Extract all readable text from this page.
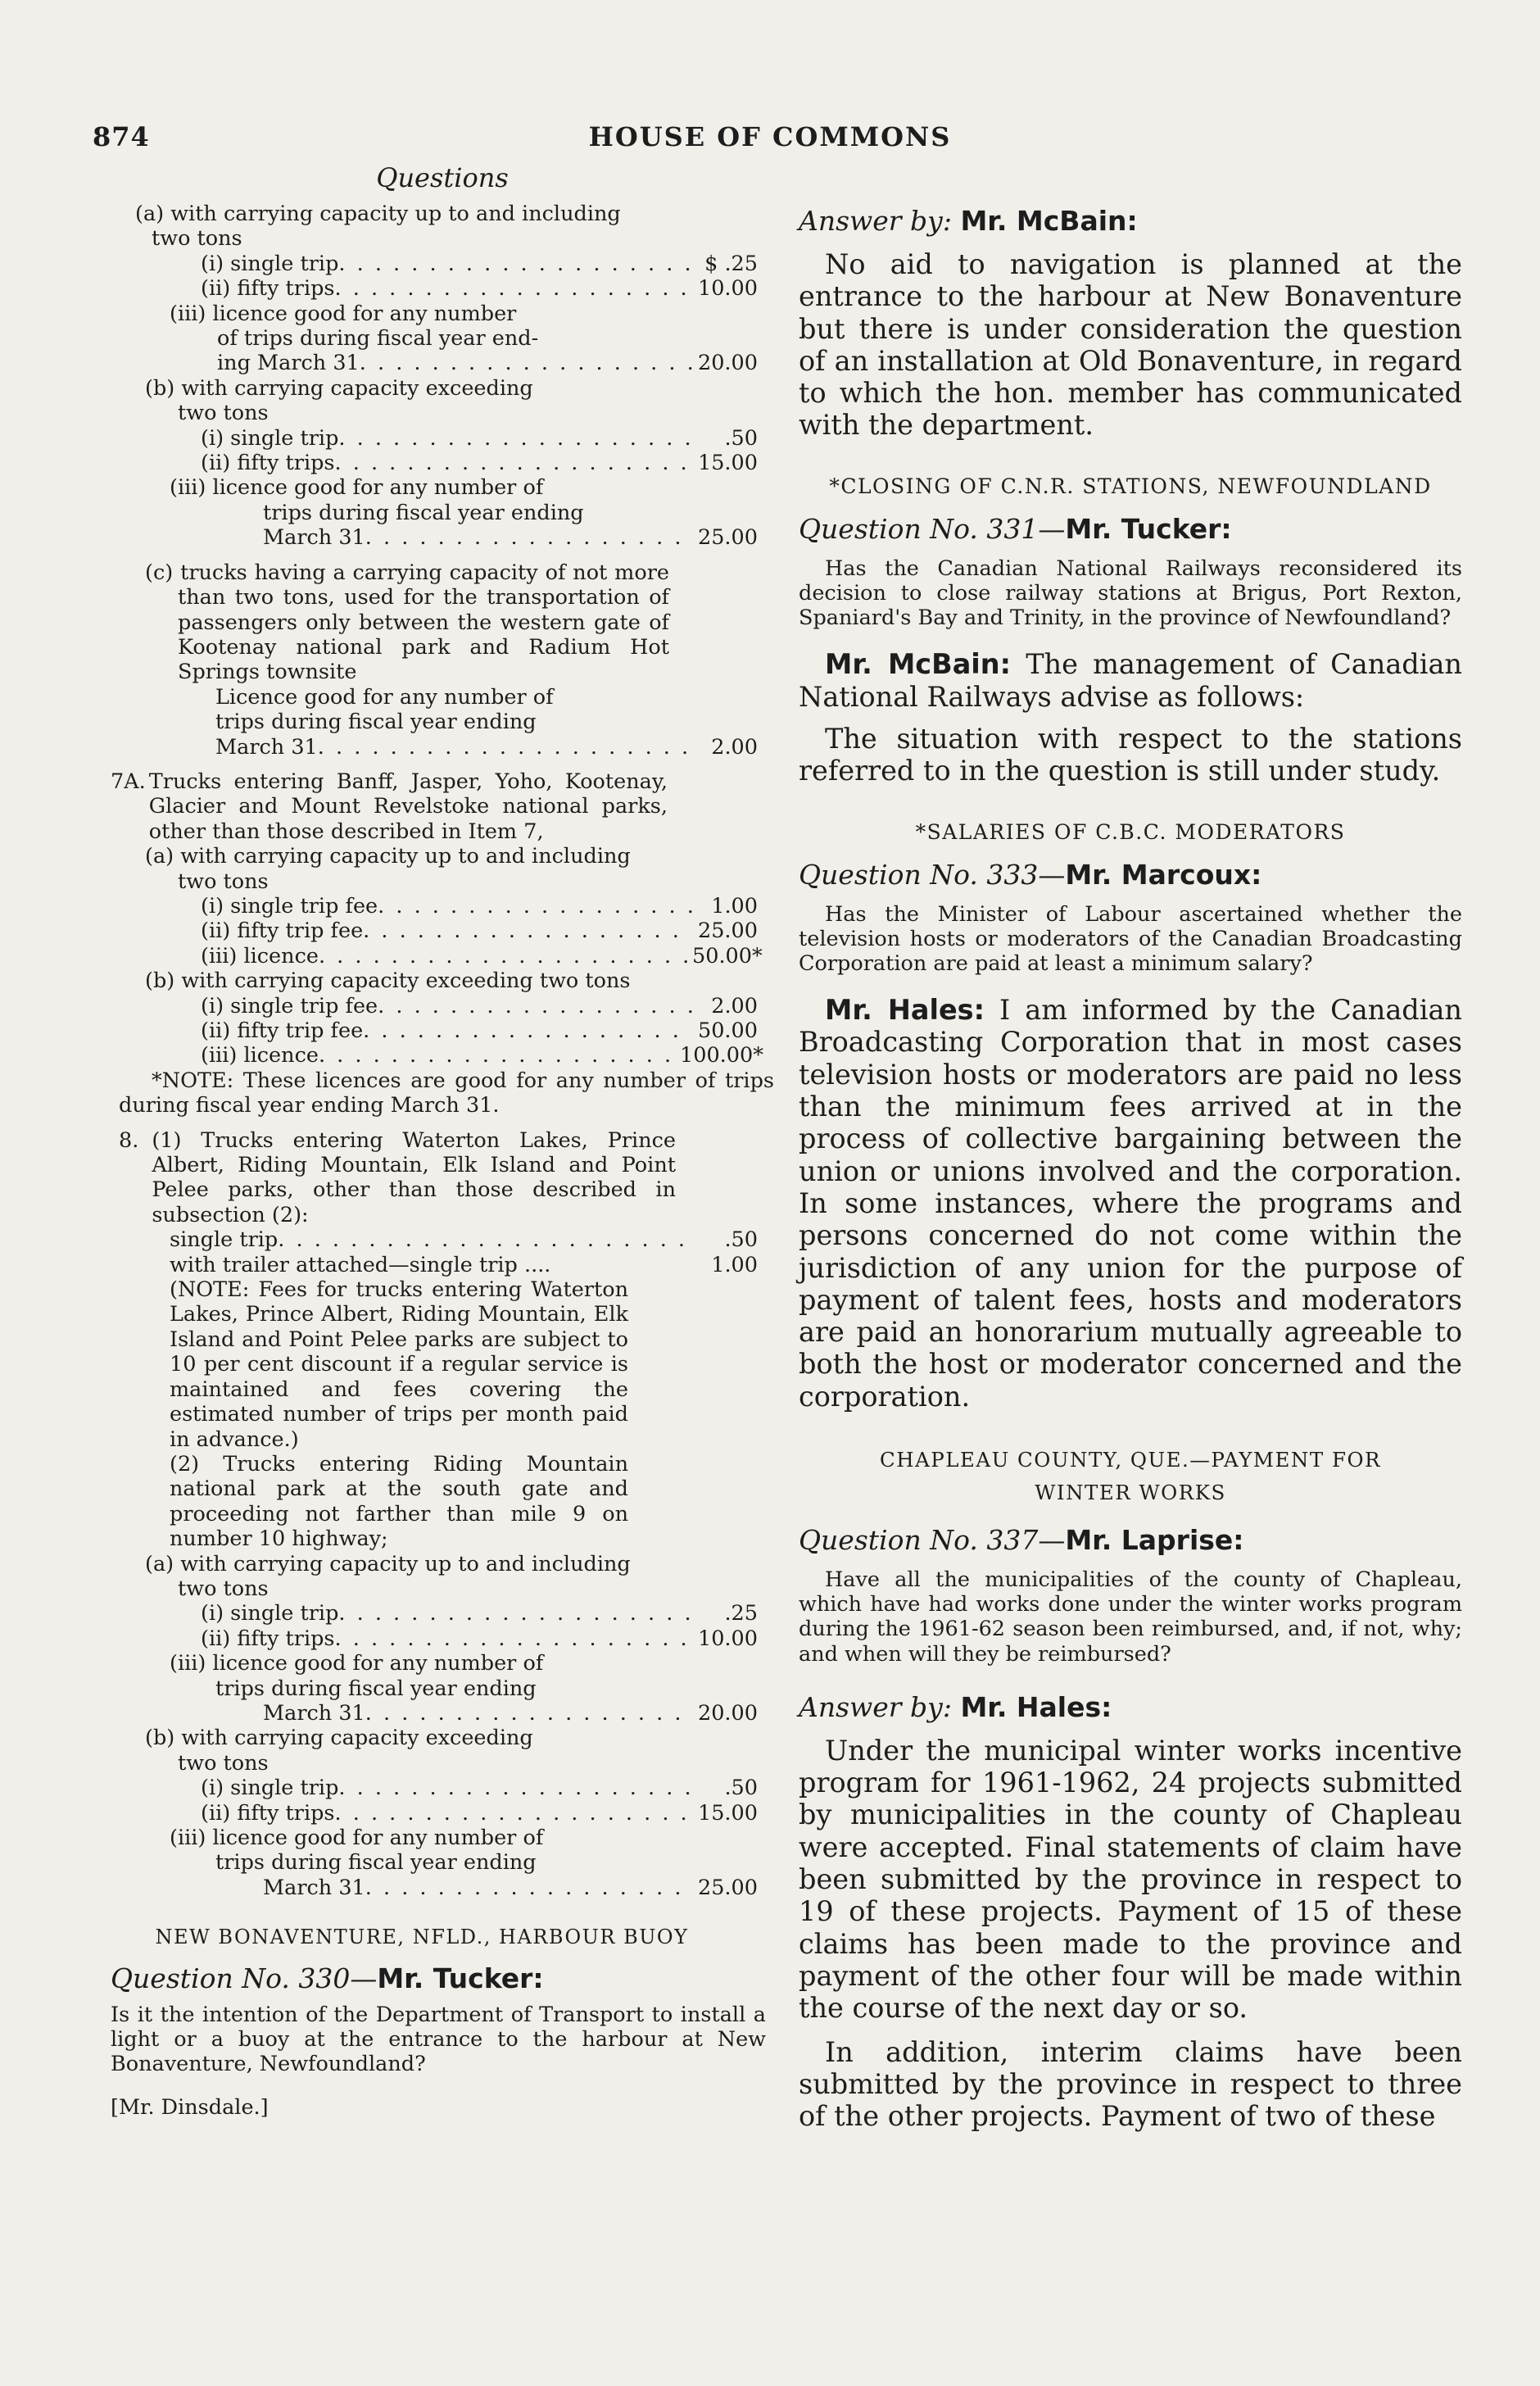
874	HOUSE OF COMMONS
Questions
(a) with carrying capacity up to and including two tons
(i) single trip . . .	$ .25
(ii) fifty trips . . .	10.00
(iii) licence good for any number
of trips during fiscal year end-
ing March 31 . . .	20.00
(b) with carrying capacity exceeding
two tons
(i) single trip . . .	.50
(ii) fifty trips . . .	15.00
(iii) licence good for any number of
trips during fiscal year ending
March 31 . . .	25.00
(c) trucks having a carrying capacity of not more than two tons, used for the transportation of passengers only between the western gate of Kootenay national park and Radium Hot Springs townsite
Licence good for any number of
trips during fiscal year ending
March 31 . . .	2.00
7A. Trucks entering Banff, Jasper, Yoho, Kootenay, Glacier and Mount Revelstoke national parks, other than those described in Item 7,
(a) with carrying capacity up to and including two tons
(i) single trip fee . . .	1.00
(ii) fifty trip fee . . .	25.00
(iii) licence . . .	50.00*
(b) with carrying capacity exceeding two tons
(i) single trip fee . . .	2.00
(ii) fifty trip fee . . .	50.00
(iii) licence . . .	100.00*
*NOTE: These licences are good for any number of trips during fiscal year ending March 31.
8. (1) Trucks entering Waterton Lakes, Prince Albert, Riding Mountain, Elk Island and Point Pelee parks, other than those described in subsection (2):
single trip . . .	.50
with trailer attached—single trip ....	1.00
(NOTE: Fees for trucks entering Waterton Lakes, Prince Albert, Riding Mountain, Elk Island and Point Pelee parks are subject to 10 per cent discount if a regular service is maintained and fees covering the estimated number of trips per month paid in advance.)
(2) Trucks entering Riding Mountain national park at the south gate and proceeding not farther than mile 9 on number 10 highway;
(a) with carrying capacity up to and including two tons
(i) single trip . . .	.25
(ii) fifty trips . . .	10.00
(iii) licence good for any number of
trips during fiscal year ending
March 31 . . .	20.00
(b) with carrying capacity exceeding
two tons
(i) single trip . . .	.50
(ii) fifty trips . . .	15.00
(iii) licence good for any number of
trips during fiscal year ending
March 31 . . .	25.00
NEW BONAVENTURE, NFLD., HARBOUR BUOY
Question No. 330—Mr. Tucker:
Is it the intention of the Department of Transport to install a light or a buoy at the entrance to the harbour at New Bonaventure, Newfoundland?
[Mr. Dinsdale.]
Answer by: Mr. McBain:
No aid to navigation is planned at the entrance to the harbour at New Bonaventure but there is under consideration the question of an installation at Old Bonaventure, in regard to which the hon. member has communicated with the department.
*CLOSING OF C.N.R. STATIONS, NEWFOUNDLAND
Question No. 331—Mr. Tucker:
Has the Canadian National Railways reconsidered its decision to close railway stations at Brigus, Port Rexton, Spaniard's Bay and Trinity, in the province of Newfoundland?
Mr. McBain: The management of Canadian National Railways advise as follows:
The situation with respect to the stations referred to in the question is still under study.
*SALARIES OF C.B.C. MODERATORS
Question No. 333—Mr. Marcoux:
Has the Minister of Labour ascertained whether the television hosts or moderators of the Canadian Broadcasting Corporation are paid at least a minimum salary?
Mr. Hales: I am informed by the Canadian Broadcasting Corporation that in most cases television hosts or moderators are paid no less than the minimum fees arrived at in the process of collective bargaining between the union or unions involved and the corporation. In some instances, where the programs and persons concerned do not come within the jurisdiction of any union for the purpose of payment of talent fees, hosts and moderators are paid an honorarium mutually agreeable to both the host or moderator concerned and the corporation.
CHAPLEAU COUNTY, QUE.—PAYMENT FOR
WINTER WORKS
Question No. 337—Mr. Laprise:
Have all the municipalities of the county of Chapleau, which have had works done under the winter works program during the 1961-62 season been reimbursed, and, if not, why; and when will they be reimbursed?
Answer by: Mr. Hales:
Under the municipal winter works incentive program for 1961-1962, 24 projects submitted by municipalities in the county of Chapleau were accepted. Final statements of claim have been submitted by the province in respect to 19 of these projects. Payment of 15 of these claims has been made to the province and payment of the other four will be made within the course of the next day or so.
In addition, interim claims have been submitted by the province in respect to three of the other projects. Payment of two of these
